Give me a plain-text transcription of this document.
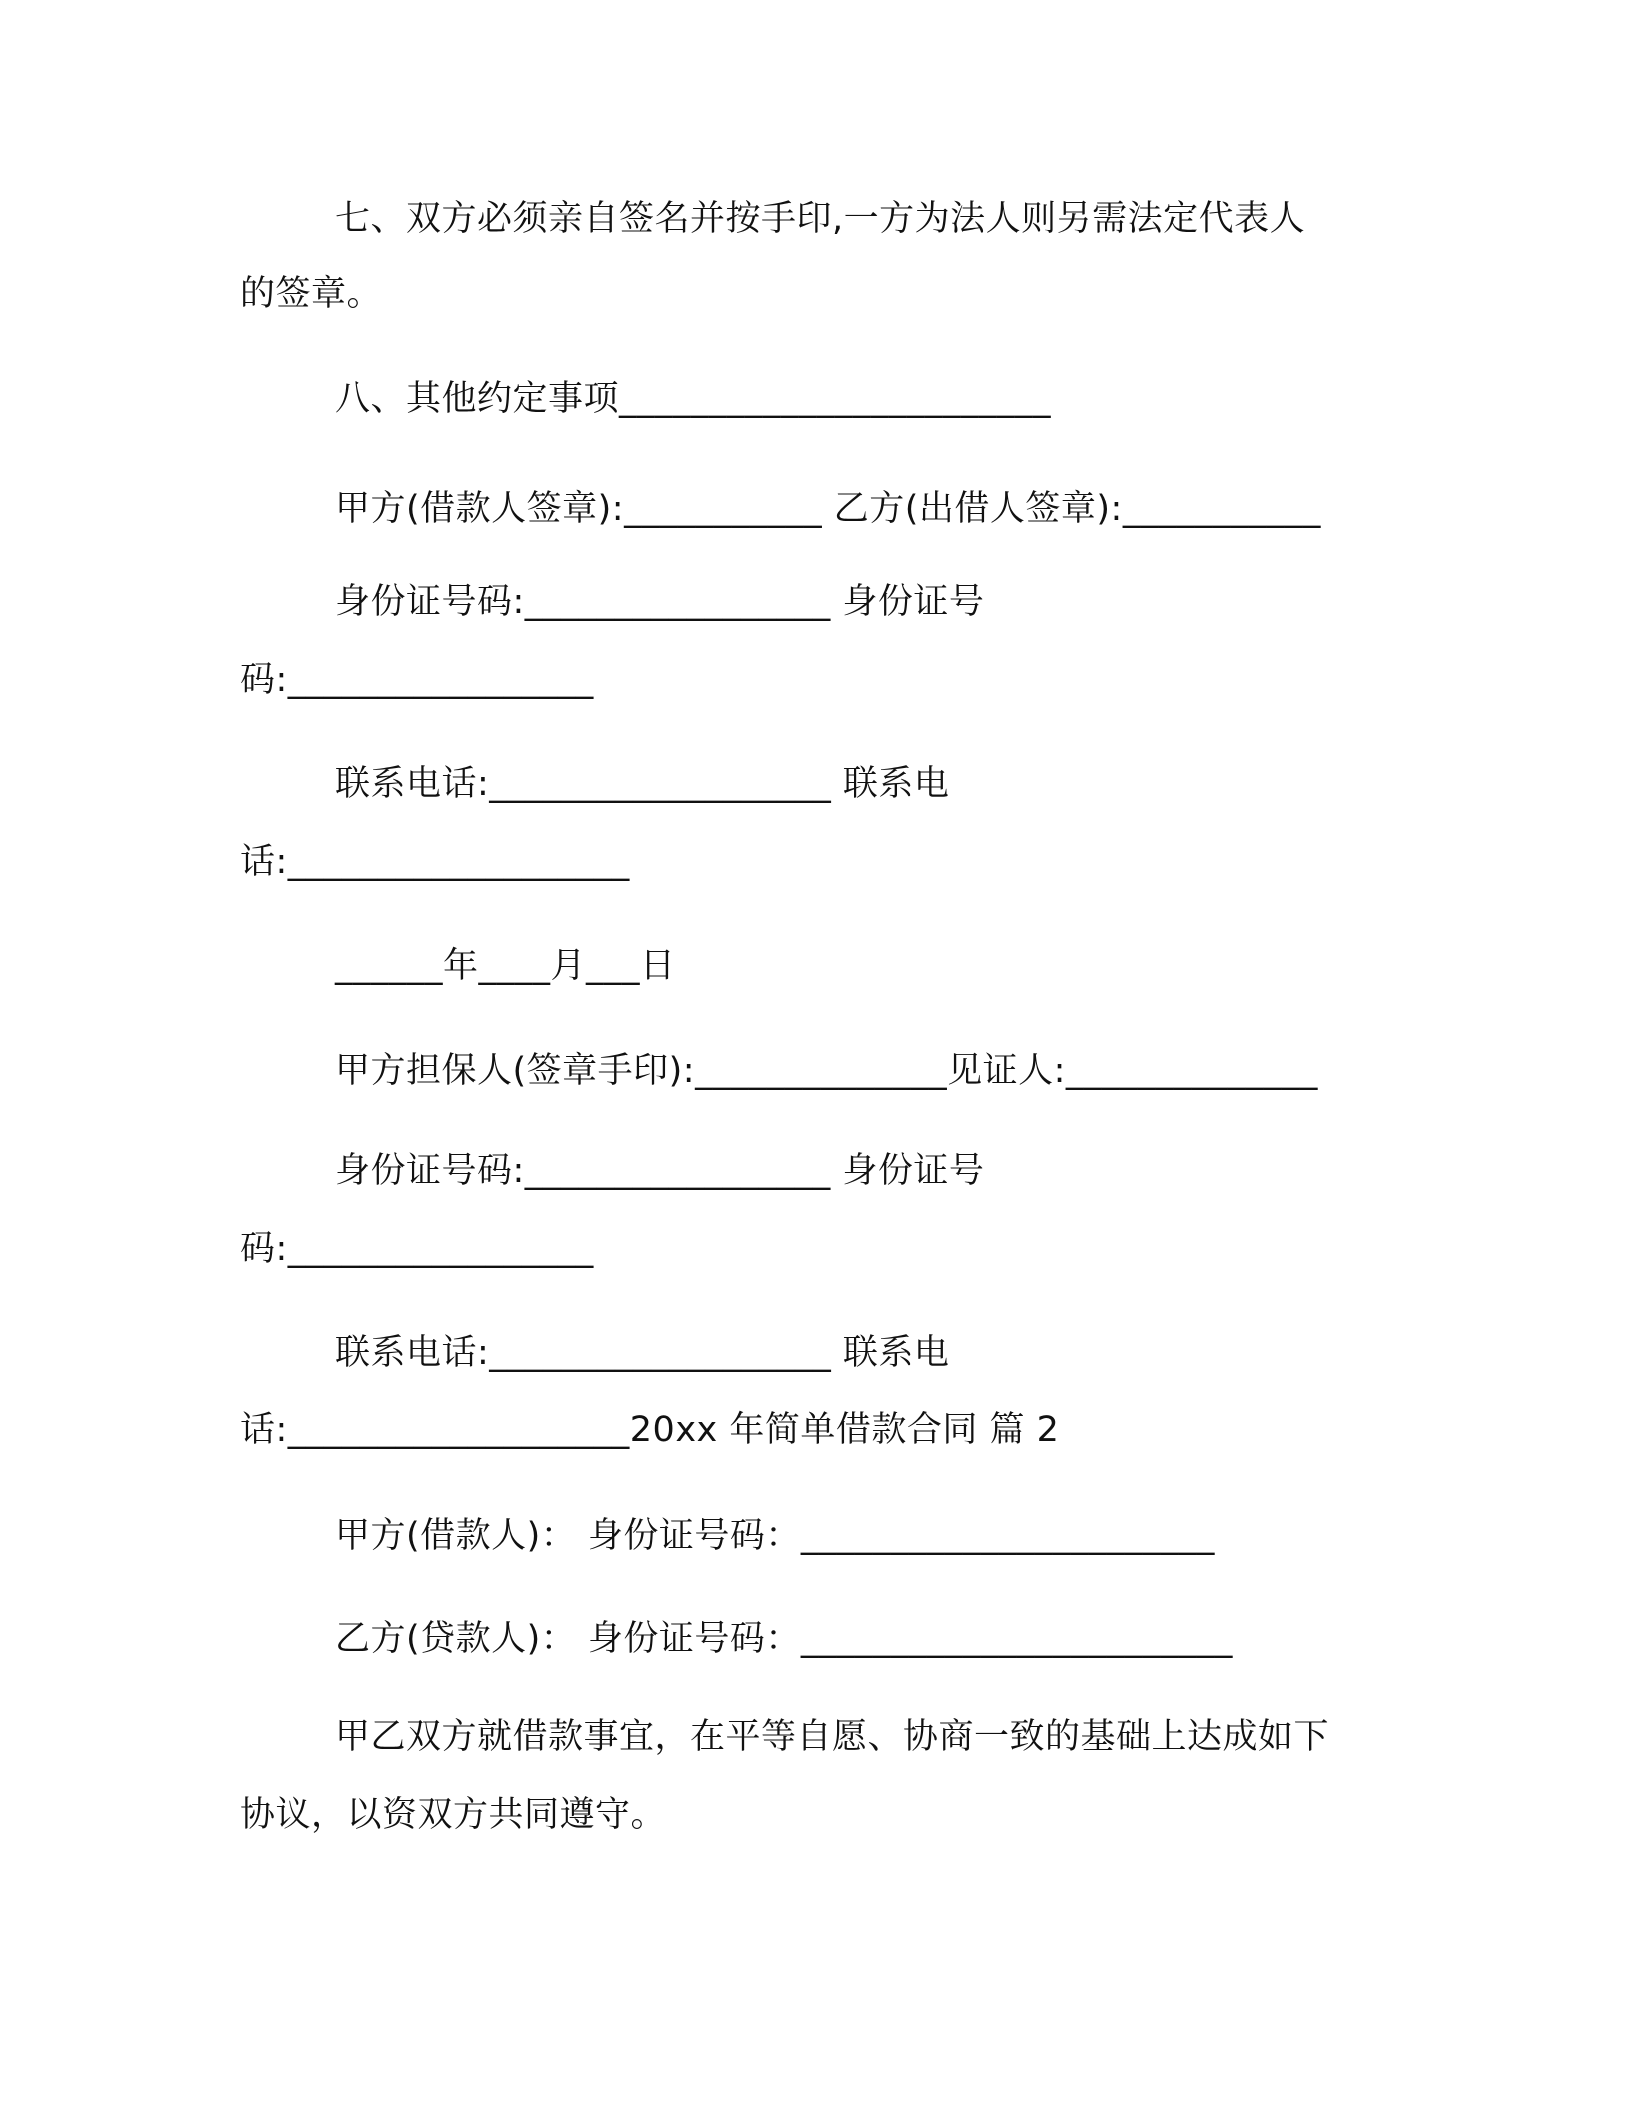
七、双方必须亲自签名并按手印,一方为法人则另需法定代表人
的签章。
八、其他约定事项________________________
甲方(借款人签章):___________ 乙方(出借人签章):___________
身份证号码:_________________ 身份证号
码:_________________
联系电话:___________________ 联系电
话:___________________
______年____月___日
甲方担保人(签章手印):______________见证人:______________
身份证号码:_________________ 身份证号
码:_________________
联系电话:___________________ 联系电
话:___________________20xx 年简单借款合同 篇 2
甲方(借款人)： 身份证号码：_______________________
乙方(贷款人)： 身份证号码：________________________
甲乙双方就借款事宜，在平等自愿、协商一致的基础上达成如下
协议，以资双方共同遵守。
